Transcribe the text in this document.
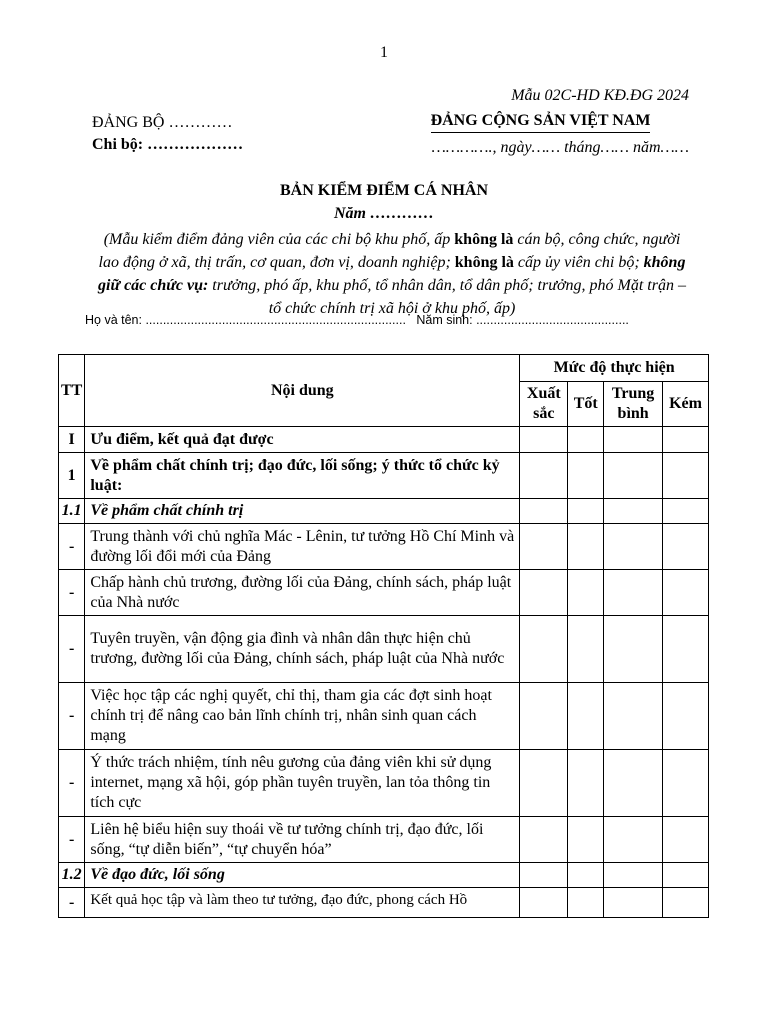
1
Mẫu 02C-HD KĐ.ĐG 2024
ĐẢNG BỘ …………
Chi bộ: ………………
ĐẢNG CỘNG SẢN VIỆT NAM
…………., ngày…… tháng…… năm……
BẢN KIỂM ĐIỂM CÁ NHÂN
Năm …………
(Mẫu kiểm điểm đảng viên của các chi bộ khu phố, ấp không là cán bộ, công chức, người lao động ở xã, thị trấn, cơ quan, đơn vị, doanh nghiệp; không là cấp ủy viên chi bộ; không giữ các chức vụ: trưởng, phó ấp, khu phố, tổ nhân dân, tổ dân phố; trưởng, phó Mặt trận – tổ chức chính trị xã hội ở khu phố, ấp)
Họ và tên: ........................................................................... Năm sinh: ............................................
TT	Nội dung	Mức độ thực hiện			
		Xuất sắc	Tốt	Trung bình	Kém
I	Ưu điểm, kết quả đạt được				
1	Về phẩm chất chính trị; đạo đức, lối sống; ý thức tổ chức kỷ luật:				
1.1	Về phẩm chất chính trị				
-	Trung thành với chủ nghĩa Mác - Lênin, tư tưởng Hồ Chí Minh và đường lối đổi mới của Đảng				
-	Chấp hành chủ trương, đường lối của Đảng, chính sách, pháp luật của Nhà nước				
-	Tuyên truyền, vận động gia đình và nhân dân thực hiện chủ trương, đường lối của Đảng, chính sách, pháp luật của Nhà nước				
-	Việc học tập các nghị quyết, chỉ thị, tham gia các đợt sinh hoạt chính trị để nâng cao bản lĩnh chính trị, nhân sinh quan cách mạng				
-	Ý thức trách nhiệm, tính nêu gương của đảng viên khi sử dụng internet, mạng xã hội, góp phần tuyên truyền, lan tỏa thông tin tích cực				
-	Liên hệ biểu hiện suy thoái về tư tưởng chính trị, đạo đức, lối sống, “tự diễn biến”, “tự chuyển hóa”				
1.2	Về đạo đức, lối sống				
-	Kết quả học tập và làm theo tư tưởng, đạo đức, phong cách Hồ				
